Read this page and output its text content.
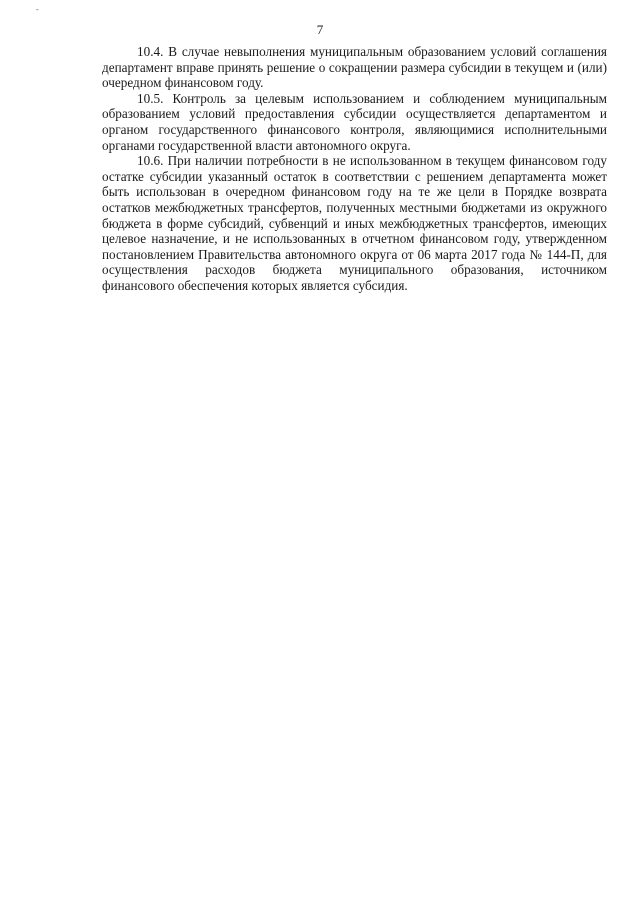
-
7

10.4. В случае невыполнения муниципальным образованием условий соглашения департамент вправе принять решение о сокращении размера субсидии в текущем и (или) очередном финансовом году.

10.5. Контроль за целевым использованием и соблюдением муниципальным образованием условий предоставления субсидии осуществляется департаментом и органом государственного финансового контроля, являющимися исполнительными органами государственной власти автономного округа.

10.6. При наличии потребности в не использованном в текущем финансовом году остатке субсидии указанный остаток в соответствии с решением департамента может быть использован в очередном финансовом году на те же цели в Порядке возврата остатков межбюджетных трансфертов, полученных местными бюджетами из окружного бюджета в форме субсидий, субвенций и иных межбюджетных трансфертов, имеющих целевое назначение, и не использованных в отчетном финансовом году, утвержденном постановлением Правительства автономного округа от 06 марта 2017 года № 144-П, для осуществления расходов бюджета муниципального образования, источником финансового обеспечения которых является субсидия.
